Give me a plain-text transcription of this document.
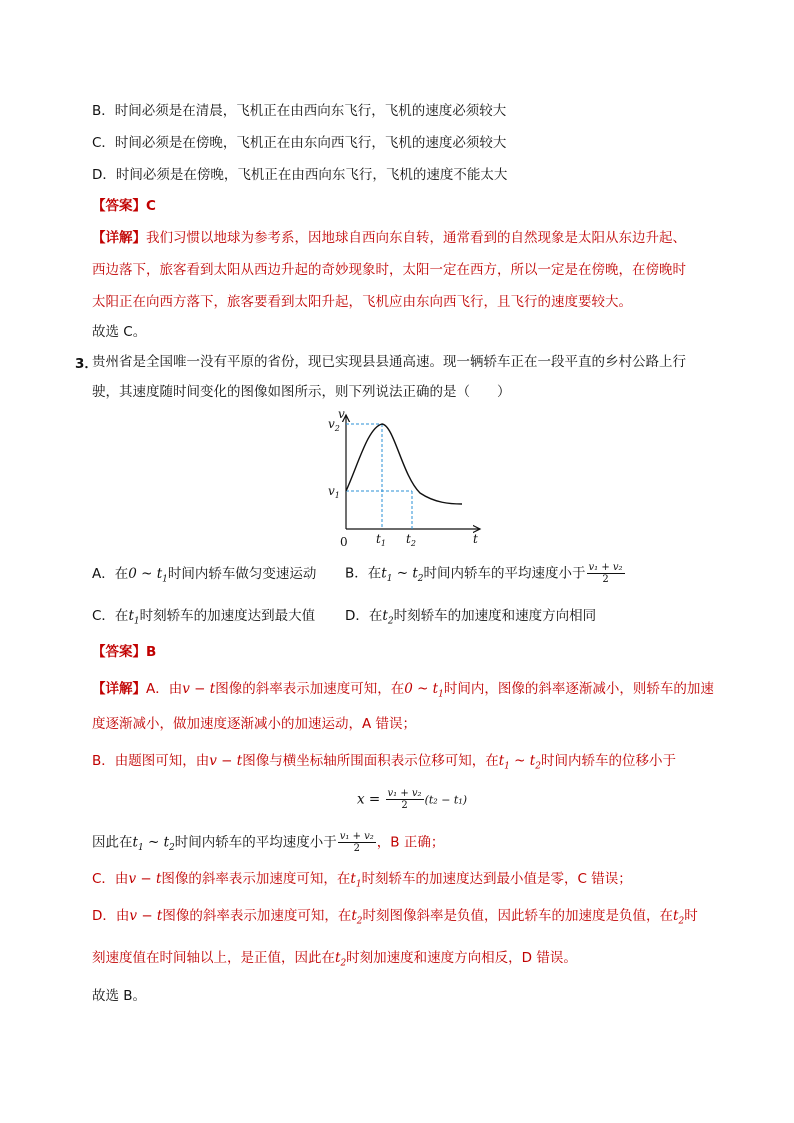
B．时间必须是在清晨，飞机正在由西向东飞行，飞机的速度必须较大
C．时间必须是在傍晚，飞机正在由东向西飞行，飞机的速度必须较大
D．时间必须是在傍晚，飞机正在由西向东飞行，飞机的速度不能太大
【答案】C
【详解】我们习惯以地球为参考系，因地球自西向东自转，通常看到的自然现象是太阳从东边升起、
西边落下，旅客看到太阳从西边升起的奇妙现象时，太阳一定在西方，所以一定是在傍晚，在傍晚时
太阳正在向西方落下，旅客要看到太阳升起，飞机应由东向西飞行，且飞行的速度要较大。
故选 C。
3．
贵州省是全国唯一没有平原的省份，现已实现县县通高速。现一辆轿车正在一段平直的乡村公路上行
驶，其速度随时间变化的图像如图所示，则下列说法正确的是（　　）
v
t
0
$v_2$
$v_1$
$t_1$ $t_2$
A．在0 ~ $t_1$时间内轿车做匀变速运动 B．在$t_1$ ~ $t_2$时间内轿车的平均速度小于 $\frac{\text{v₁ + v₂}}{2}$
C．在$t_1$时刻轿车的加速度达到最大值 D．在$t_2$时刻轿车的加速度和速度方向相同
【答案】B
【详解】A．由v − t图像的斜率表示加速度可知，在0 ~ $t_1$时间内，图像的斜率逐渐减小，则轿车的加速
度逐渐减小，做加速度逐渐减小的加速运动，A 错误；
B．由题图可知，由v − t图像与横坐标轴所围面积表示位移可知，在$t_1$ ~ $t_2$时间内轿车的位移小于
$x = \frac{\text{v₁ + v₂}}{2} (t_2 - t_1)$
因此在$t_1$ ~ $t_2$时间内轿车的平均速度小于 $\frac{\text{v₁ + v₂}}{2}$ ，B 正确；
C．由v − t图像的斜率表示加速度可知，在$t_1$时刻轿车的加速度达到最小值是零，C 错误；
D．由v − t图像的斜率表示加速度可知，在$t_2$时刻图像斜率是负值，因此轿车的加速度是负值，在$t_2$时
刻速度值在时间轴以上，是正值，因此在$t_2$时刻加速度和速度方向相反，D 错误。
故选 B。
